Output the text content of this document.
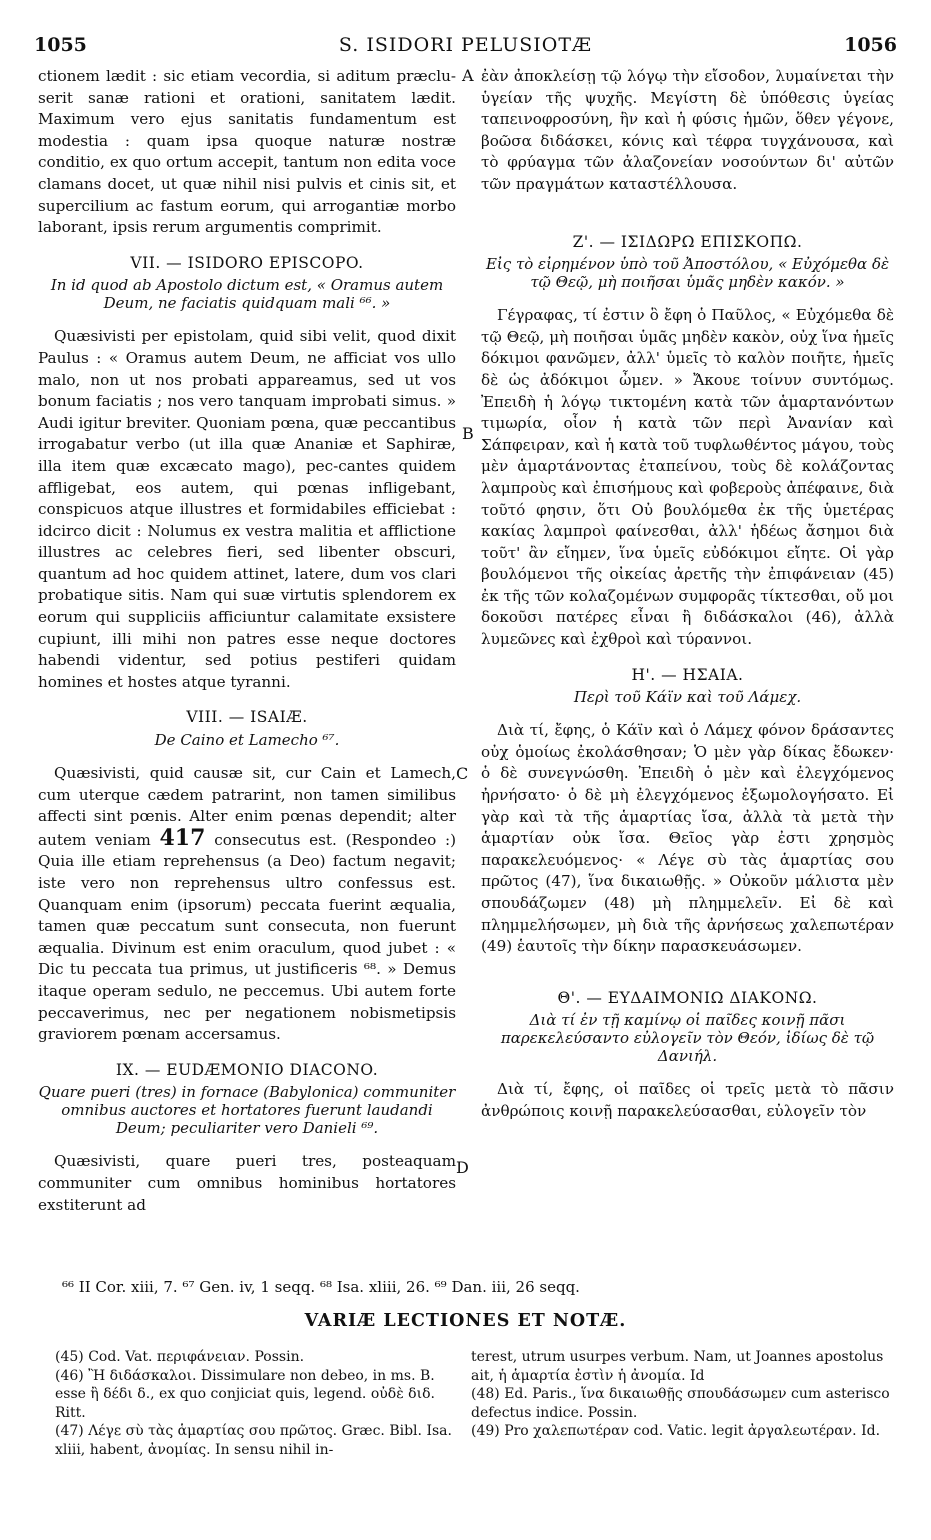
1055	S. ISIDORI PELUSIOTÆ	1056
A
B
C
D

ctionem lædit : sic etiam vecordia, si aditum præclu-serit sanæ rationi et orationi, sanitatem lædit. Maximum vero ejus sanitatis fundamentum est modestia : quam ipsa quoque naturæ nostræ conditio, ex quo ortum accepit, tantum non edita voce clamans docet, ut quæ nihil nisi pulvis et cinis sit, et supercilium ac fastum eorum, qui arrogantiæ morbo laborant, ipsis rerum argumentis comprimit.

VII. — ISIDORO EPISCOPO.
In id quod ab Apostolo dictum est, « Oramus autem Deum, ne faciatis quidquam mali ⁶⁶. »

Quæsivisti per epistolam, quid sibi velit, quod dixit Paulus : « Oramus autem Deum, ne afficiat vos ullo malo, non ut nos probati appareamus, sed ut vos bonum faciatis ; nos vero tanquam improbati simus. » Audi igitur breviter. Quoniam pœna, quæ peccantibus irrogabatur verbo (ut illa quæ Ananiæ et Saphiræ, illa item quæ excæcato mago), pec-cantes quidem affligebat, eos autem, qui pœnas infligebant, conspicuos atque illustres et formidabiles efficiebat : idcirco dicit : Nolumus ex vestra malitia et afflictione illustres ac celebres fieri, sed libenter obscuri, quantum ad hoc quidem attinet, latere, dum vos clari probatique sitis. Nam qui suæ virtutis splendorem ex eorum qui suppliciis afficiuntur calamitate exsistere cupiunt, illi mihi non patres esse neque doctores habendi videntur, sed potius pestiferi quidam homines et hostes atque tyranni.

VIII. — ISAIÆ.
De Caino et Lamecho ⁶⁷.

Quæsivisti, quid causæ sit, cur Cain et Lamech, cum uterque cædem patrarint, non tamen similibus affecti sint pœnis. Alter enim pœnas dependit; alter autem veniam 417 consecutus est. (Respondeo :) Quia ille etiam reprehensus (a Deo) factum negavit; iste vero non reprehensus ultro confessus est. Quanquam enim (ipsorum) peccata fuerint æqualia, tamen quæ peccatum sunt consecuta, non fuerunt æqualia. Divinum est enim oraculum, quod jubet : « Dic tu peccata tua primus, ut justificeris ⁶⁸. » Demus itaque operam sedulo, ne peccemus. Ubi autem forte peccaverimus, nec per negationem nobismetipsis graviorem pœnam accersamus.

IX. — EUDÆMONIO DIACONO.
Quare pueri (tres) in fornace (Babylonica) communiter omnibus auctores et hortatores fuerunt laudandi Deum; peculiariter vero Danieli ⁶⁹.

Quæsivisti, quare pueri tres, posteaquam communiter cum omnibus hominibus hortatores exstiterunt ad

ἐὰν ἀποκλείσῃ τῷ λόγῳ τὴν εἴσοδον, λυμαίνεται τὴν ὑγείαν τῆς ψυχῆς. Μεγίστη δὲ ὑπόθεσις ὑγείας ταπεινοφροσύνη, ἣν καὶ ἡ φύσις ἡμῶν, ὅθεν γέγονε, βοῶσα διδάσκει, κόνις καὶ τέφρα τυγχάνουσα, καὶ τὸ φρύαγμα τῶν ἀλαζονείαν νοσούντων δι' αὐτῶν τῶν πραγμάτων καταστέλλουσα.

Ζ'. — ΙΣΙΔΩΡΩ ΕΠΙΣΚΟΠΩ.
Εἰς τὸ εἰρημένον ὑπὸ τοῦ Ἀποστόλου, « Εὐχόμεθα δὲ τῷ Θεῷ, μὴ ποιῆσαι ὑμᾶς μηδὲν κακόν. »

Γέγραφας, τί ἐστιν ὃ ἔφη ὁ Παῦλος, « Εὐχόμεθα δὲ τῷ Θεῷ, μὴ ποιῆσαι ὑμᾶς μηδὲν κακὸν, οὐχ ἵνα ἡμεῖς δόκιμοι φανῶμεν, ἀλλ' ὑμεῖς τὸ καλὸν ποιῆτε, ἡμεῖς δὲ ὡς ἀδόκιμοι ὦμεν. » Ἄκουε τοίνυν συντόμως. Ἐπειδὴ ἡ λόγῳ τικτομένη κατὰ τῶν ἁμαρτανόντων τιμωρία, οἷον ἡ κατὰ τῶν περὶ Ἀνανίαν καὶ Σάπφειραν, καὶ ἡ κατὰ τοῦ τυφλωθέντος μάγου, τοὺς μὲν ἁμαρτάνοντας ἐταπείνου, τοὺς δὲ κολάζοντας λαμπροὺς καὶ ἐπισήμους καὶ φοβεροὺς ἀπέφαινε, διὰ τοῦτό φησιν, ὅτι Οὐ βουλόμεθα ἐκ τῆς ὑμετέρας κακίας λαμπροὶ φαίνεσθαι, ἀλλ' ἡδέως ἄσημοι διὰ τοῦτ' ἂν εἴημεν, ἵνα ὑμεῖς εὐδόκιμοι εἴητε. Οἱ γὰρ βουλόμενοι τῆς οἰκείας ἀρετῆς τὴν ἐπιφάνειαν (45) ἐκ τῆς τῶν κολαζομένων συμφορᾶς τίκτεσθαι, οὔ μοι δοκοῦσι πατέρες εἶναι ἢ διδάσκαλοι (46), ἀλλὰ λυμεῶνες καὶ ἐχθροὶ καὶ τύραννοι.

Η'. — ΗΣΑΙΑ.
Περὶ τοῦ Κάϊν καὶ τοῦ Λάμεχ.

Διὰ τί, ἔφης, ὁ Κάϊν καὶ ὁ Λάμεχ φόνον δράσαντες οὐχ ὁμοίως ἐκολάσθησαν; Ὁ μὲν γὰρ δίκας ἔδωκεν· ὁ δὲ συνεγνώσθη. Ἐπειδὴ ὁ μὲν καὶ ἐλεγχόμενος ἠρνήσατο· ὁ δὲ μὴ ἐλεγχόμενος ἐξωμολογήσατο. Εἰ γὰρ καὶ τὰ τῆς ἁμαρτίας ἴσα, ἀλλὰ τὰ μετὰ τὴν ἁμαρτίαν οὐκ ἴσα. Θεῖος γὰρ ἐστι χρησμὸς παρακελευόμενος· « Λέγε σὺ τὰς ἁμαρτίας σου πρῶτος (47), ἵνα δικαιωθῇς. » Οὐκοῦν μάλιστα μὲν σπουδάζωμεν (48) μὴ πλημμελεῖν. Εἰ δὲ καὶ πλημμελήσωμεν, μὴ διὰ τῆς ἀρνήσεως χαλεπωτέραν (49) ἑαυτοῖς τὴν δίκην παρασκευάσωμεν.

Θ'. — ΕΥΔΑΙΜΟΝΙΩ ΔΙΑΚΟΝΩ.
Διὰ τί ἐν τῇ καμίνῳ οἱ παῖδες κοινῇ πᾶσι παρεκελεύσαντο εὐλογεῖν τὸν Θεόν, ἰδίως δὲ τῷ Δανιήλ.

Διὰ τί, ἔφης, οἱ παῖδες οἱ τρεῖς μετὰ τὸ πᾶσιν ἀνθρώποις κοινῇ παρακελεύσασθαι, εὐλογεῖν τὸν

⁶⁶ II Cor. xiii, 7. ⁶⁷ Gen. iv, 1 seqq. ⁶⁸ Isa. xliii, 26. ⁶⁹ Dan. iii, 26 seqq.
VARIÆ LECTIONES ET NOTÆ.

(45) Cod. Vat. περιφάνειαν. Possin.

(46) Ἢ διδάσκαλοι. Dissimulare non debeo, in ms. B. esse ἢ δέδι δ., ex quo conjiciat quis, legend. οὐδὲ διδ. Ritt.

(47) Λέγε σὺ τὰς ἁμαρτίας σου πρῶτος. Græc. Bibl. Isa. xliii, habent, ἀνομίας. In sensu nihil in-

terest, utrum usurpes verbum. Nam, ut Joannes apostolus ait, ἡ ἁμαρτία ἐστὶν ἡ ἀνομία. Id

(48) Ed. Paris., ἵνα δικαιωθῇς σπουδάσωμεν cum asterisco defectus indice. Possin.

(49) Pro χαλεπωτέραν cod. Vatic. legit ἀργαλεωτέραν. Id.
